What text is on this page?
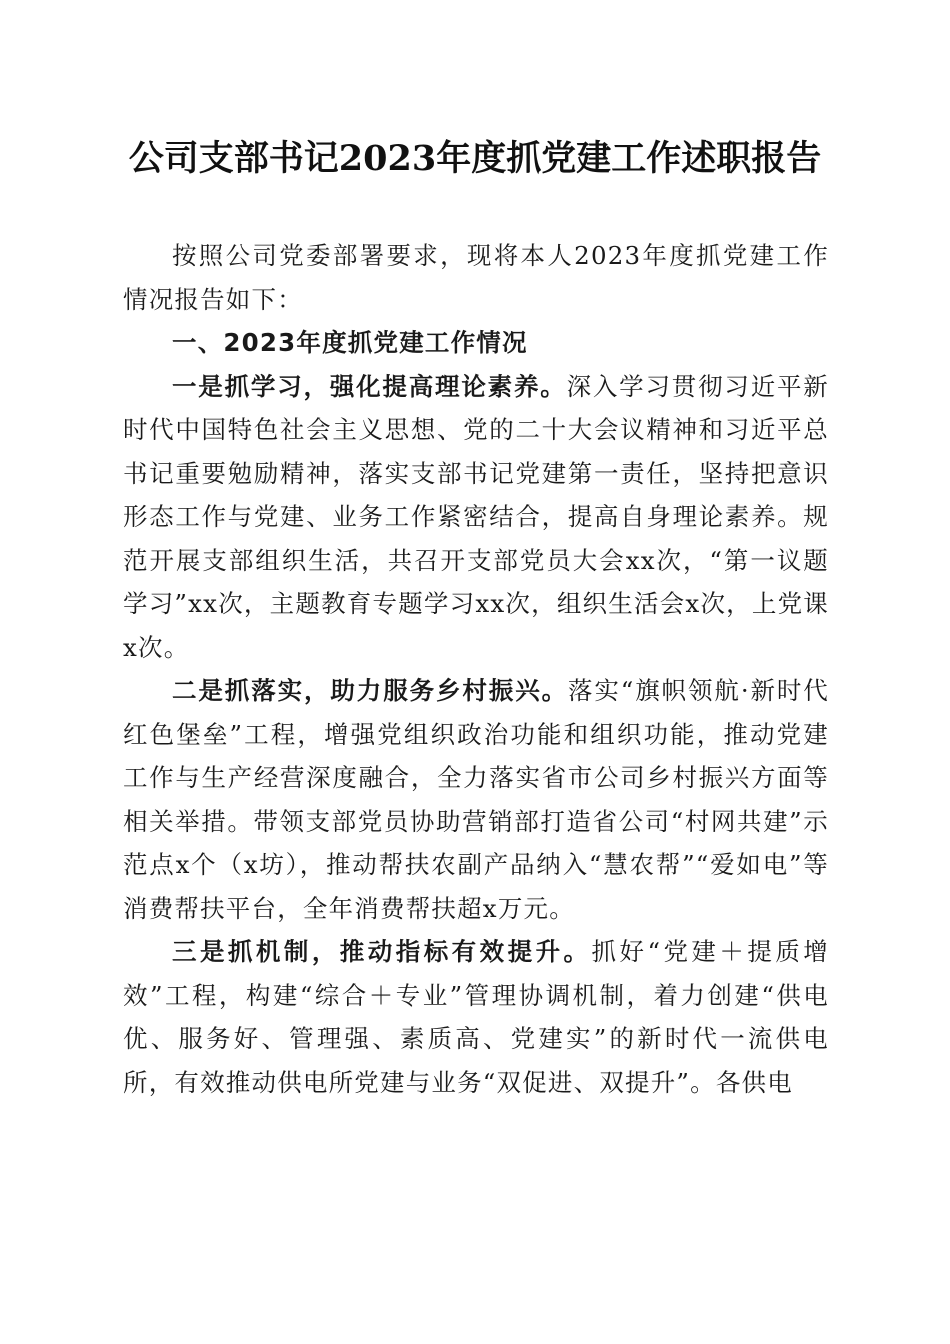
公司支部书记2023年度抓党建工作述职报告

按照公司党委部署要求，现将本人2023年度抓党建工作情况报告如下：

一、2023年度抓党建工作情况

一是抓学习，强化提高理论素养。深入学习贯彻习近平新时代中国特色社会主义思想、党的二十大会议精神和习近平总书记重要勉励精神，落实支部书记党建第一责任，坚持把意识形态工作与党建、业务工作紧密结合，提高自身理论素养。规范开展支部组织生活，共召开支部党员大会xx次，“第一议题学习”xx次，主题教育专题学习xx次，组织生活会x次，上党课x次。

二是抓落实，助力服务乡村振兴。落实“旗帜领航·新时代红色堡垒”工程，增强党组织政治功能和组织功能，推动党建工作与生产经营深度融合，全力落实省市公司乡村振兴方面等相关举措。带领支部党员协助营销部打造省公司“村网共建”示范点x个（x坊），推动帮扶农副产品纳入“慧农帮”“爱如电”等消费帮扶平台，全年消费帮扶超x万元。

三是抓机制，推动指标有效提升。抓好“党建＋提质增效”工程，构建“综合＋专业”管理协调机制，着力创建“供电优、服务好、管理强、素质高、党建实”的新时代一流供电所，有效推动供电所党建与业务“双促进、双提升”。各供电
